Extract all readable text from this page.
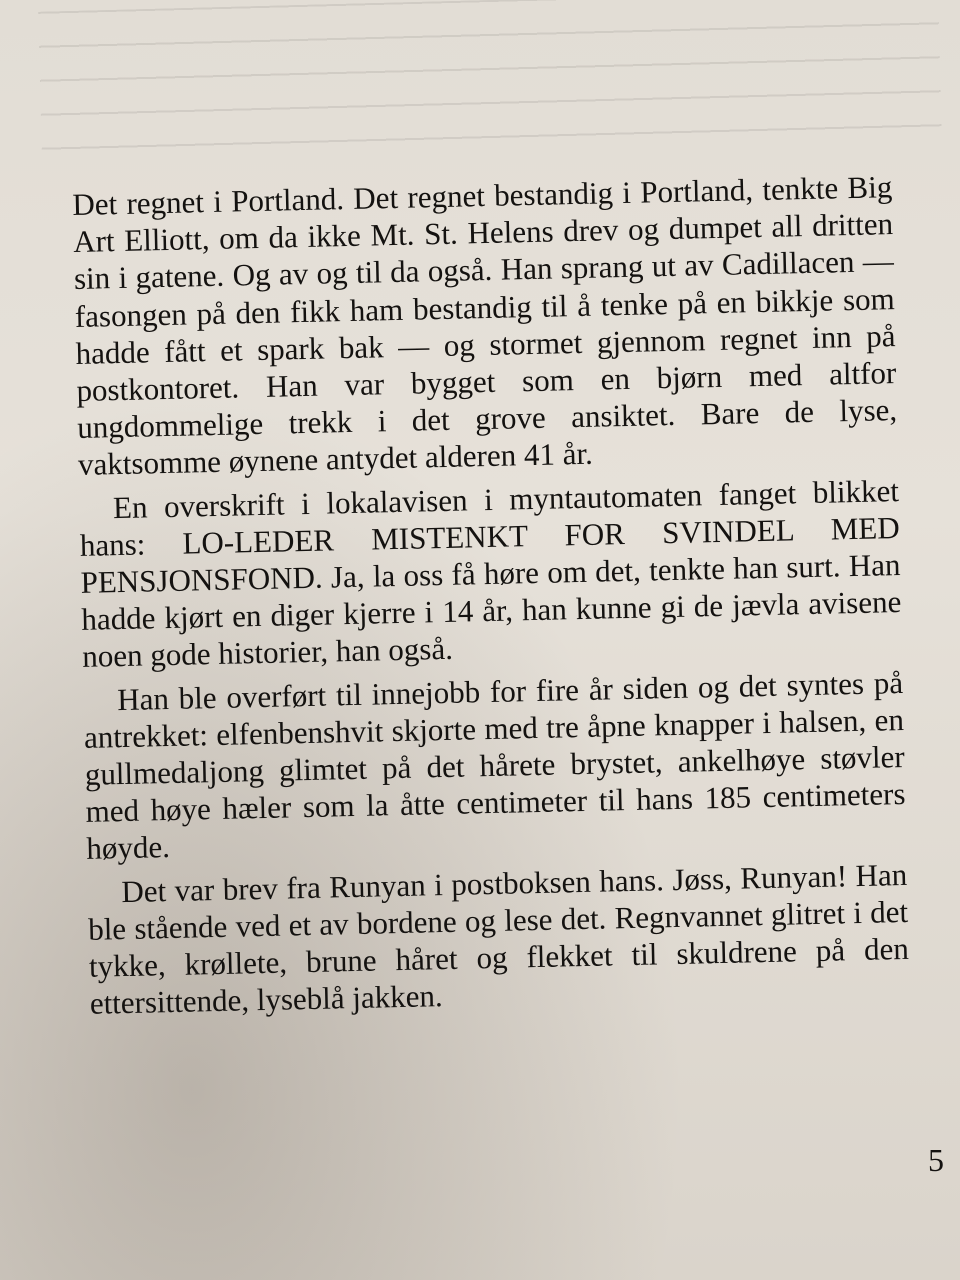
Det regnet i Portland. Det regnet bestandig i Portland, tenkte Big Art Elliott, om da ikke Mt. St. Helens drev og dumpet all dritten sin i gatene. Og av og til da også. Han sprang ut av Cadillacen — fasongen på den fikk ham bestandig til å tenke på en bikkje som hadde fått et spark bak — og stormet gjennom regnet inn på postkontoret. Han var bygget som en bjørn med altfor ungdommelige trekk i det grove ansiktet. Bare de lyse, vaktsomme øynene antydet alderen 41 år.

En overskrift i lokalavisen i myntautomaten fanget blikket hans: LO-LEDER MISTENKT FOR SVINDEL MED PENSJONSFOND. Ja, la oss få høre om det, tenkte han surt. Han hadde kjørt en diger kjerre i 14 år, han kunne gi de jævla avisene noen gode historier, han også.

Han ble overført til innejobb for fire år siden og det syntes på antrekket: elfenbenshvit skjorte med tre åpne knapper i halsen, en gullmedaljong glimtet på det hårete brystet, ankelhøye støvler med høye hæler som la åtte centimeter til hans 185 centimeters høyde.

Det var brev fra Runyan i postboksen hans. Jøss, Runyan! Han ble stående ved et av bordene og lese det. Regnvannet glitret i det tykke, krøllete, brune håret og flekket til skuldrene på den ettersittende, lyseblå jakken.

5
